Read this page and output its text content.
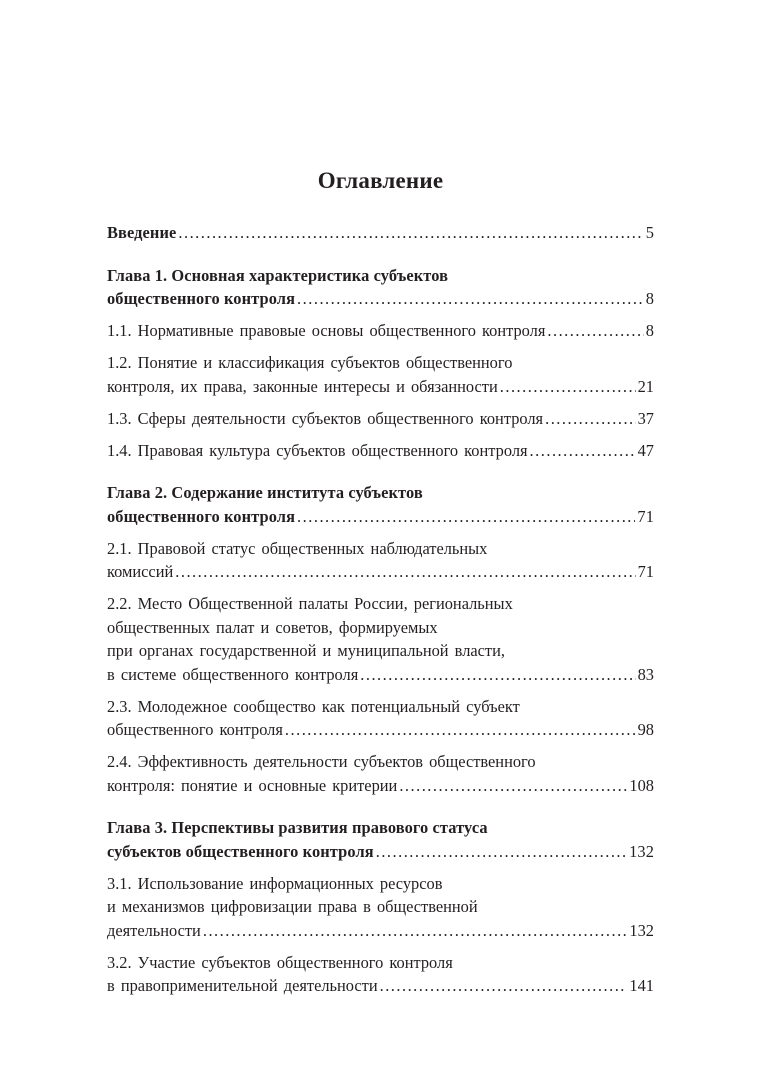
Оглавление
Введение .....	5
Глава 1. Основная характеристика субъектов
общественного контроля .....	8
1.1. Нормативные правовые основы общественного контроля .....	8
1.2. Понятие и классификация субъектов общественного
контроля, их права, законные интересы и обязанности .....	21
1.3. Сферы деятельности субъектов общественного контроля .....	37
1.4. Правовая культура субъектов общественного контроля .....	47
Глава 2. Содержание института субъектов
общественного контроля .....	71
2.1. Правовой статус общественных наблюдательных
комиссий .....	71
2.2. Место Общественной палаты России, региональных
общественных палат и советов, формируемых
при органах государственной и муниципальной власти,
в системе общественного контроля .....	83
2.3. Молодежное сообщество как потенциальный субъект
общественного контроля .....	98
2.4. Эффективность деятельности субъектов общественного
контроля: понятие и основные критерии .....	108
Глава 3. Перспективы развития правового статуса
субъектов общественного контроля .....	132
3.1. Использование информационных ресурсов
и механизмов цифровизации права в общественной
деятельности .....	132
3.2. Участие субъектов общественного контроля
в правоприменительной деятельности .....	141
